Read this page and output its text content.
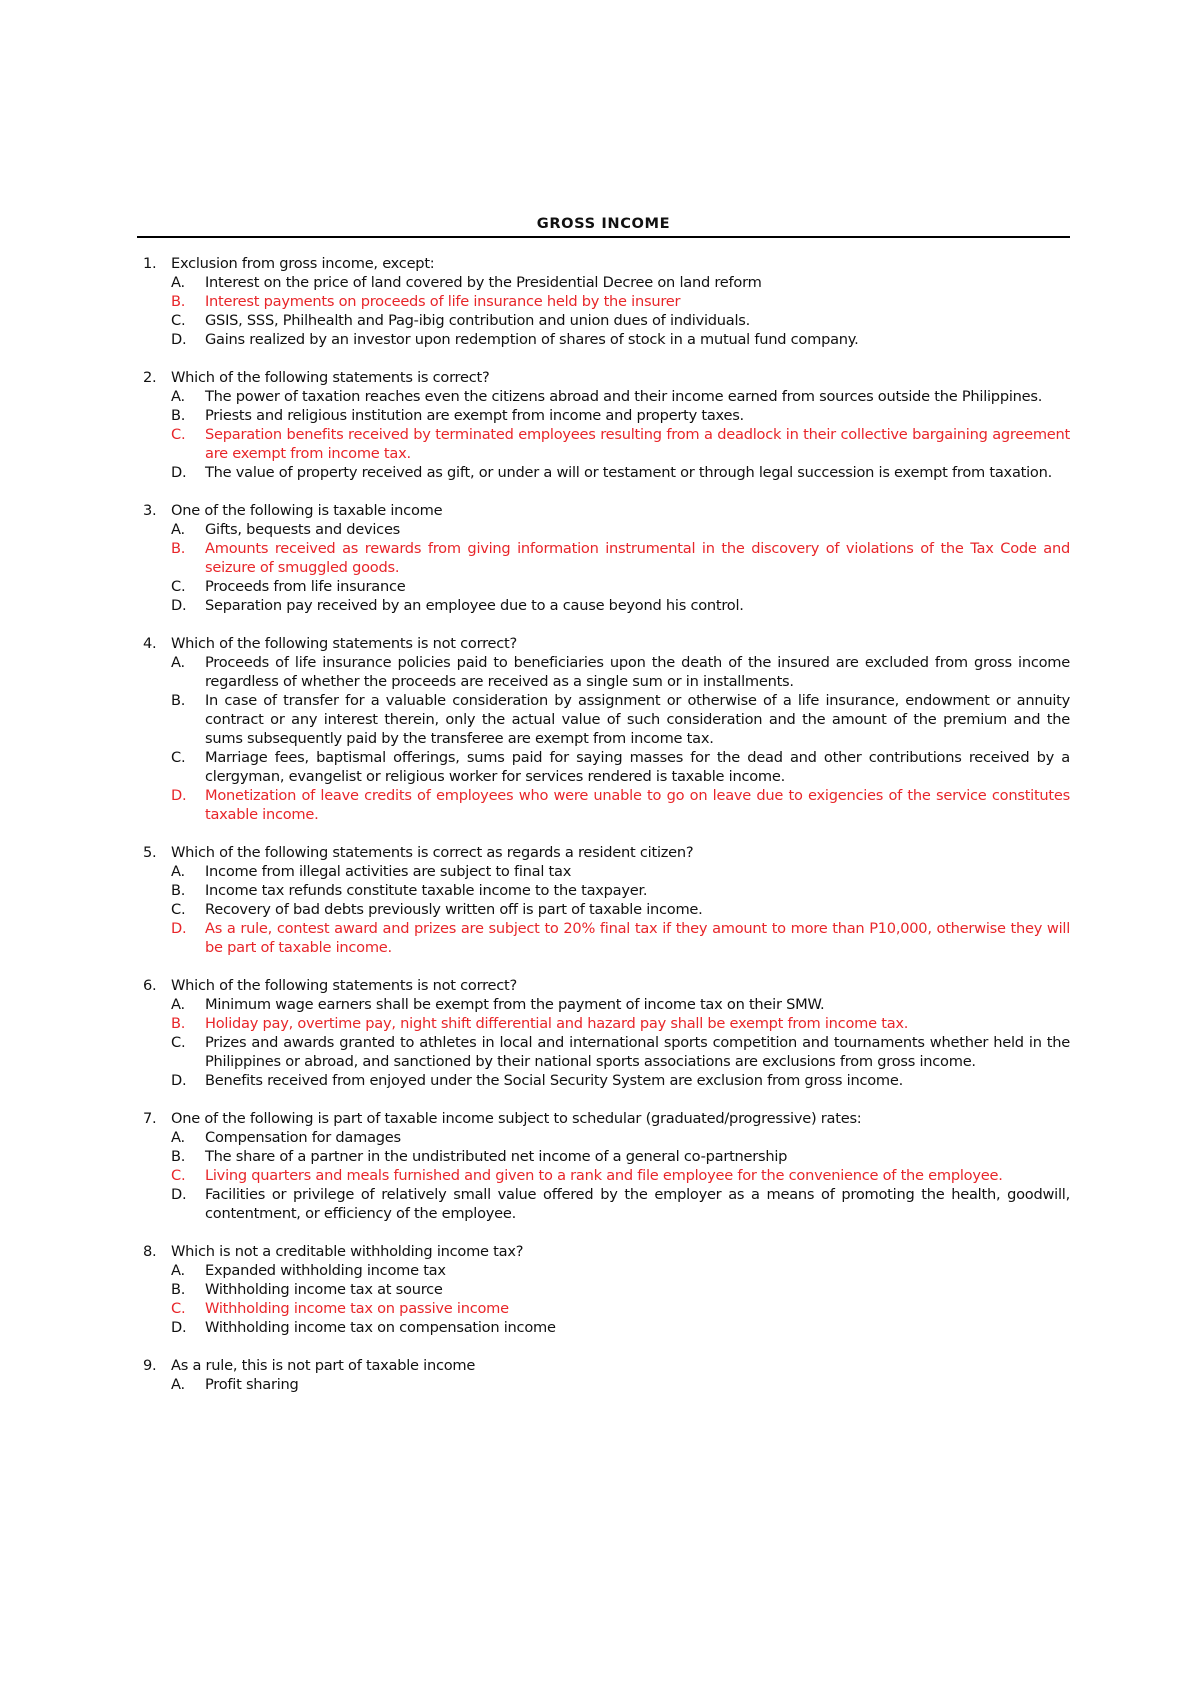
GROSS INCOME
1. Exclusion from gross income, except:
A.	Interest on the price of land covered by the Presidential Decree on land reform
B.	Interest payments on proceeds of life insurance held by the insurer
C.	GSIS, SSS, Philhealth and Pag-ibig contribution and union dues of individuals.
D.	Gains realized by an investor upon redemption of shares of stock in a mutual fund company.
2. Which of the following statements is correct?
A.	The power of taxation reaches even the citizens abroad and their income earned from sources outside the Philippines.
B.	Priests and religious institution are exempt from income and property taxes.
C.	Separation benefits received by terminated employees resulting from a deadlock in their collective bargaining agreement are exempt from income tax.
D.	The value of property received as gift, or under a will or testament or through legal succession is exempt from taxation.
3. One of the following is taxable income
A.	Gifts, bequests and devices
B.	Amounts received as rewards from giving information instrumental in the discovery of violations of the Tax Code and seizure of smuggled goods.
C.	Proceeds from life insurance
D.	Separation pay received by an employee due to a cause beyond his control.
4. Which of the following statements is not correct?
A.	Proceeds of life insurance policies paid to beneficiaries upon the death of the insured are excluded from gross income regardless of whether the proceeds are received as a single sum or in installments.
B.	In case of transfer for a valuable consideration by assignment or otherwise of a life insurance, endowment or annuity contract or any interest therein, only the actual value of such consideration and the amount of the premium and the sums subsequently paid by the transferee are exempt from income tax.
C.	Marriage fees, baptismal offerings, sums paid for saying masses for the dead and other contributions received by a clergyman, evangelist or religious worker for services rendered is taxable income.
D.	Monetization of leave credits of employees who were unable to go on leave due to exigencies of the service constitutes taxable income.
5. Which of the following statements is correct as regards a resident citizen?
A.	Income from illegal activities are subject to final tax
B.	Income tax refunds constitute taxable income to the taxpayer.
C.	Recovery of bad debts previously written off is part of taxable income.
D.	As a rule, contest award and prizes are subject to 20% final tax if they amount to more than P10,000, otherwise they will be part of taxable income.
6. Which of the following statements is not correct?
A.	Minimum wage earners shall be exempt from the payment of income tax on their SMW.
B.	Holiday pay, overtime pay, night shift differential and hazard pay shall be exempt from income tax.
C.	Prizes and awards granted to athletes in local and international sports competition and tournaments whether held in the Philippines or abroad, and sanctioned by their national sports associations are exclusions from gross income.
D.	Benefits received from enjoyed under the Social Security System are exclusion from gross income.
7. One of the following is part of taxable income subject to schedular (graduated/progressive) rates:
A.	Compensation for damages
B.	The share of a partner in the undistributed net income of a general co-partnership
C.	Living quarters and meals furnished and given to a rank and file employee for the convenience of the employee.
D.	Facilities or privilege of relatively small value offered by the employer as a means of promoting the health, goodwill, contentment, or efficiency of the employee.
8. Which is not a creditable withholding income tax?
A.	Expanded withholding income tax
B.	Withholding income tax at source
C.	Withholding income tax on passive income
D.	Withholding income tax on compensation income
9. As a rule, this is not part of taxable income
A.	Profit sharing
